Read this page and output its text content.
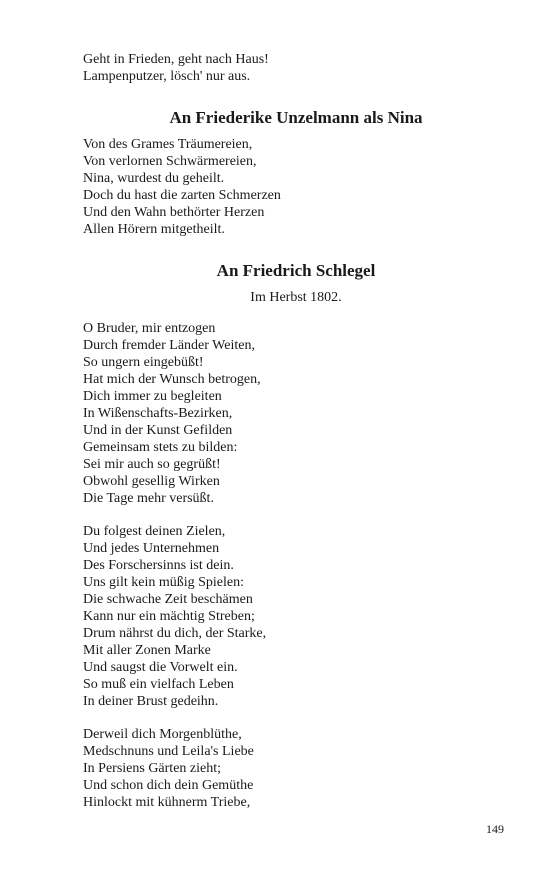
Geht in Frieden, geht nach Haus!
Lampenputzer, lösch' nur aus.
An Friederike Unzelmann als Nina
Von des Grames Träumereien,
Von verlornen Schwärmereien,
Nina, wurdest du geheilt.
Doch du hast die zarten Schmerzen
Und den Wahn bethörter Herzen
Allen Hörern mitgetheilt.
An Friedrich Schlegel
Im Herbst 1802.
O Bruder, mir entzogen
Durch fremder Länder Weiten,
So ungern eingebüßt!
Hat mich der Wunsch betrogen,
Dich immer zu begleiten
In Wißenschafts-Bezirken,
Und in der Kunst Gefilden
Gemeinsam stets zu bilden:
Sei mir auch so gegrüßt!
Obwohl gesellig Wirken
Die Tage mehr versüßt.
Du folgest deinen Zielen,
Und jedes Unternehmen
Des Forschersinns ist dein.
Uns gilt kein müßig Spielen:
Die schwache Zeit beschämen
Kann nur ein mächtig Streben;
Drum nährst du dich, der Starke,
Mit aller Zonen Marke
Und saugst die Vorwelt ein.
So muß ein vielfach Leben
In deiner Brust gedeihn.
Derweil dich Morgenblüthe,
Medschnuns und Leila's Liebe
In Persiens Gärten zieht;
Und schon dich dein Gemüthe
Hinlockt mit kühnerm Triebe,
149
